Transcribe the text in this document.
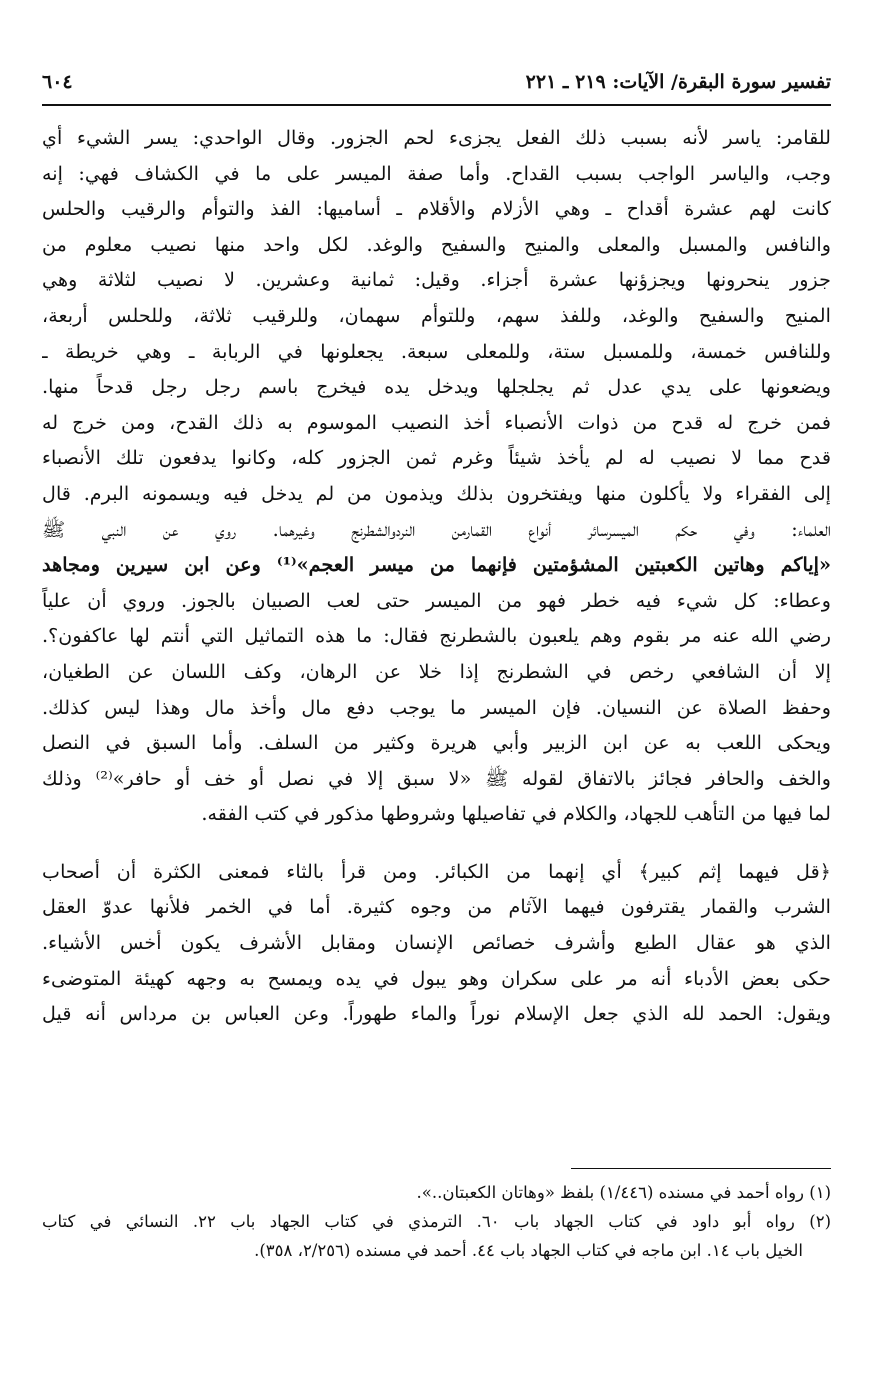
تفسير سورة البقرة/ الآيات: ٢١٩ ـ ٢٢١
٦٠٤
للقامر: ياسر لأنه بسبب ذلك الفعل يجزىء لحم الجزور. وقال الواحدي: يسر الشيء أي
وجب، والياسر الواجب بسبب القداح. وأما صفة الميسر على ما في الكشاف فهي: إنه
كانت لهم عشرة أقداح ـ وهي الأزلام والأقلام ـ أساميها: الفذ والتوأم والرقيب والحلس
والنافس والمسبل والمعلى والمنيح والسفيح والوغد. لكل واحد منها نصيب معلوم من
جزور ينحرونها ويجزؤنها عشرة أجزاء. وقيل: ثمانية وعشرين. لا نصيب لثلاثة وهي
المنيح والسفيح والوغد، وللفذ سهم، وللتوأم سهمان، وللرقيب ثلاثة، وللحلس أربعة،
وللنافس خمسة، وللمسبل ستة، وللمعلى سبعة. يجعلونها في الربابة ـ وهي خريطة ـ
ويضعونها على يدي عدل ثم يجلجلها ويدخل يده فيخرج باسم رجل رجل قدحاً منها.
فمن خرج له قدح من ذوات الأنصباء أخذ النصيب الموسوم به ذلك القدح، ومن خرج له
قدح مما لا نصيب له لم يأخذ شيئاً وغرم ثمن الجزور كله، وكانوا يدفعون تلك الأنصباء
إلى الفقراء ولا يأكلون منها ويفتخرون بذلك ويذمون من لم يدخل فيه ويسمونه البرم. قال
العلماء: وفي حكم الميسرسائر أنواع القمارمن النردوالشطرنج وغيرهما. روي عن النبي ﷺ
«إياكم وهاتين الكعبتين المشؤمتين فإنهما من ميسر العجم»⁽¹⁾ وعن ابن سيرين ومجاهد
وعطاء: كل شيء فيه خطر فهو من الميسر حتى لعب الصبيان بالجوز. وروي أن علياً
رضي الله عنه مر بقوم وهم يلعبون بالشطرنج فقال: ما هذه التماثيل التي أنتم لها عاكفون؟.
إلا أن الشافعي رخص في الشطرنج إذا خلا عن الرهان، وكف اللسان عن الطغيان،
وحفظ الصلاة عن النسيان. فإن الميسر ما يوجب دفع مال وأخذ مال وهذا ليس كذلك.
ويحكى اللعب به عن ابن الزبير وأبي هريرة وكثير من السلف. وأما السبق في النصل
والخف والحافر فجائز بالاتفاق لقوله ﷺ «لا سبق إلا في نصل أو خف أو حافر»⁽²⁾ وذلك
لما فيها من التأهب للجهاد، والكلام في تفاصيلها وشروطها مذكور في كتب الفقه.
﴿قل فيهما إثم كبير﴾ أي إنهما من الكبائر. ومن قرأ بالثاء فمعنى الكثرة أن أصحاب
الشرب والقمار يقترفون فيهما الآثام من وجوه كثيرة. أما في الخمر فلأنها عدوّ العقل
الذي هو عقال الطبع وأشرف خصائص الإنسان ومقابل الأشرف يكون أخس الأشياء.
حكى بعض الأدباء أنه مر على سكران وهو يبول في يده ويمسح به وجهه كهيئة المتوضىء
ويقول: الحمد لله الذي جعل الإسلام نوراً والماء طهوراً. وعن العباس بن مرداس أنه قيل
(١) رواه أحمد في مسنده (١/٤٤٦) بلفظ «وهاتان الكعبتان..».
(٢) رواه أبو داود في كتاب الجهاد باب ٦٠. الترمذي في كتاب الجهاد باب ٢٢. النسائي في كتاب
الخيل باب ١٤. ابن ماجه في كتاب الجهاد باب ٤٤. أحمد في مسنده (٢/٢٥٦، ٣٥٨).
